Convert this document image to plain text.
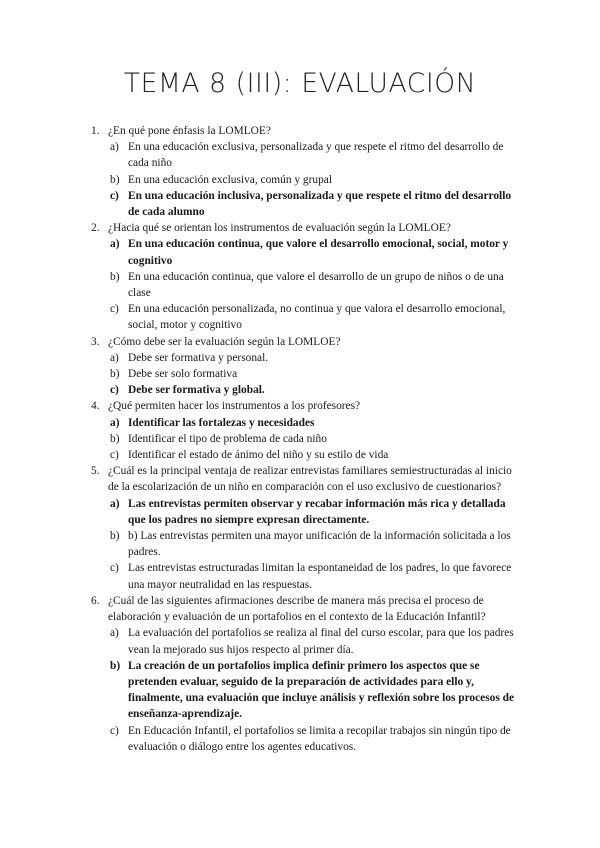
TEMA 8 (III): EVALUACIÓN
1. ¿En qué pone énfasis la LOMLOE?
a) En una educación exclusiva, personalizada y que respete el ritmo del desarrollo de cada niño
b) En una educación exclusiva, común y grupal
c) En una educación inclusiva, personalizada y que respete el ritmo del desarrollo de cada alumno
2. ¿Hacia qué se orientan los instrumentos de evaluación según la LOMLOE?
a) En una educación continua, que valore el desarrollo emocional, social, motor y cognitivo
b) En una educación continua, que valore el desarrollo de un grupo de niños o de una clase
c) En una educación personalizada, no continua y que valora el desarrollo emocional, social, motor y cognitivo
3. ¿Cómo debe ser la evaluación según la LOMLOE?
a) Debe ser formativa y personal.
b) Debe ser solo formativa
c) Debe ser formativa y global.
4. ¿Qué permiten hacer los instrumentos a los profesores?
a) Identificar las fortalezas y necesidades
b) Identificar el tipo de problema de cada niño
c) Identificar el estado de ánimo del niño y su estilo de vida
5. ¿Cuál es la principal ventaja de realizar entrevistas familiares semiestructuradas al inicio de la escolarización de un niño en comparación con el uso exclusivo de cuestionarios?
a) Las entrevistas permiten observar y recabar información más rica y detallada que los padres no siempre expresan directamente.
b) b) Las entrevistas permiten una mayor unificación de la información solicitada a los padres.
c) Las entrevistas estructuradas limitan la espontaneidad de los padres, lo que favorece una mayor neutralidad en las respuestas.
6. ¿Cuál de las siguientes afirmaciones describe de manera más precisa el proceso de elaboración y evaluación de un portafolios en el contexto de la Educación Infantil?
a) La evaluación del portafolios se realiza al final del curso escolar, para que los padres vean la mejorado sus hijos respecto al primer día.
b) La creación de un portafolios implica definir primero los aspectos que se pretenden evaluar, seguido de la preparación de actividades para ello y, finalmente, una evaluación que incluye análisis y reflexión sobre los procesos de enseñanza-aprendizaje.
c) En Educación Infantil, el portafolios se limita a recopilar trabajos sin ningún tipo de evaluación o diálogo entre los agentes educativos.
